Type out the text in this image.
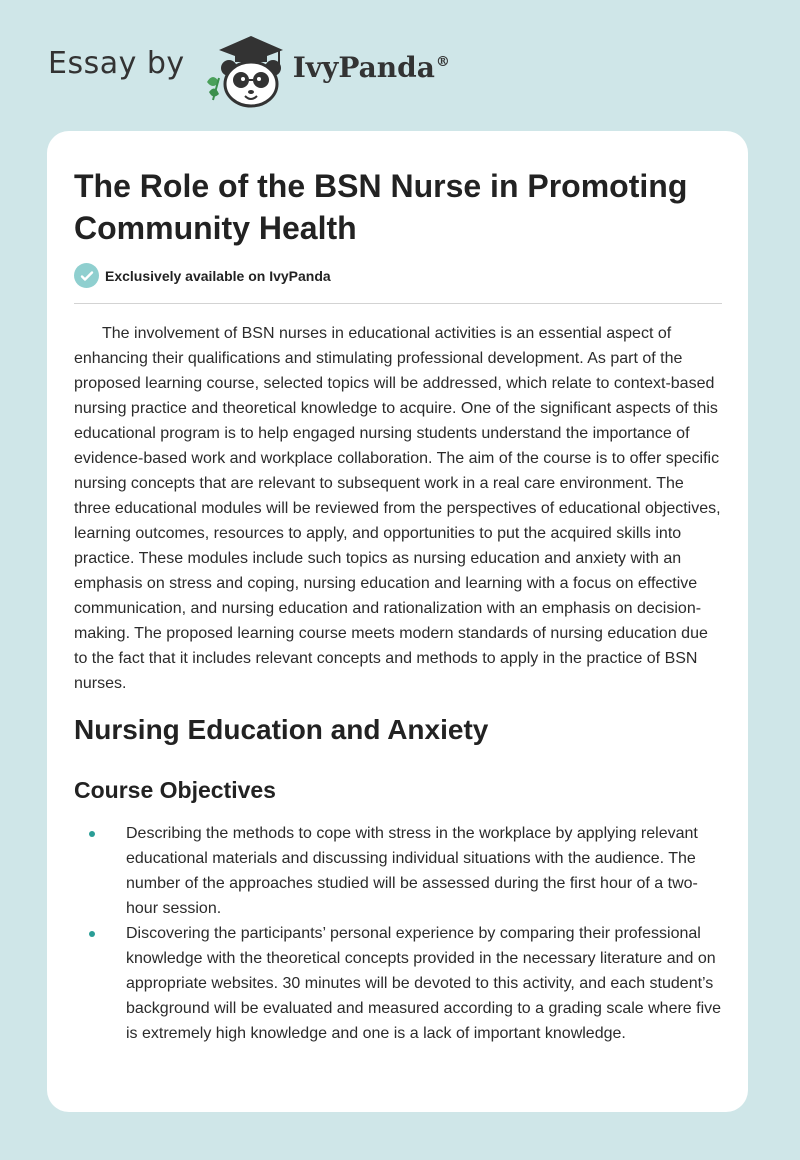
Essay by	IvyPanda®
The Role of the BSN Nurse in Promoting Community Health
Exclusively available on IvyPanda

The involvement of BSN nurses in educational activities is an essential aspect of enhancing their qualifications and stimulating professional development. As part of the proposed learning course, selected topics will be addressed, which relate to context-based nursing practice and theoretical knowledge to acquire. One of the significant aspects of this educational program is to help engaged nursing students understand the importance of evidence-based work and workplace collaboration. The aim of the course is to offer specific nursing concepts that are relevant to subsequent work in a real care environment. The three educational modules will be reviewed from the perspectives of educational objectives, learning outcomes, resources to apply, and opportunities to put the acquired skills into practice. These modules include such topics as nursing education and anxiety with an emphasis on stress and coping, nursing education and learning with a focus on effective communication, and nursing education and rationalization with an emphasis on decision-making. The proposed learning course meets modern standards of nursing education due to the fact that it includes relevant concepts and methods to apply in the practice of BSN nurses.

Nursing Education and Anxiety
Course Objectives
Describing the methods to cope with stress in the workplace by applying relevant educational materials and discussing individual situations with the audience. The number of the approaches studied will be assessed during the first hour of a two-hour session.
Discovering the participants’ personal experience by comparing their professional knowledge with the theoretical concepts provided in the necessary literature and on appropriate websites. 30 minutes will be devoted to this activity, and each student’s background will be evaluated and measured according to a grading scale where five is extremely high knowledge and one is a lack of important knowledge.
